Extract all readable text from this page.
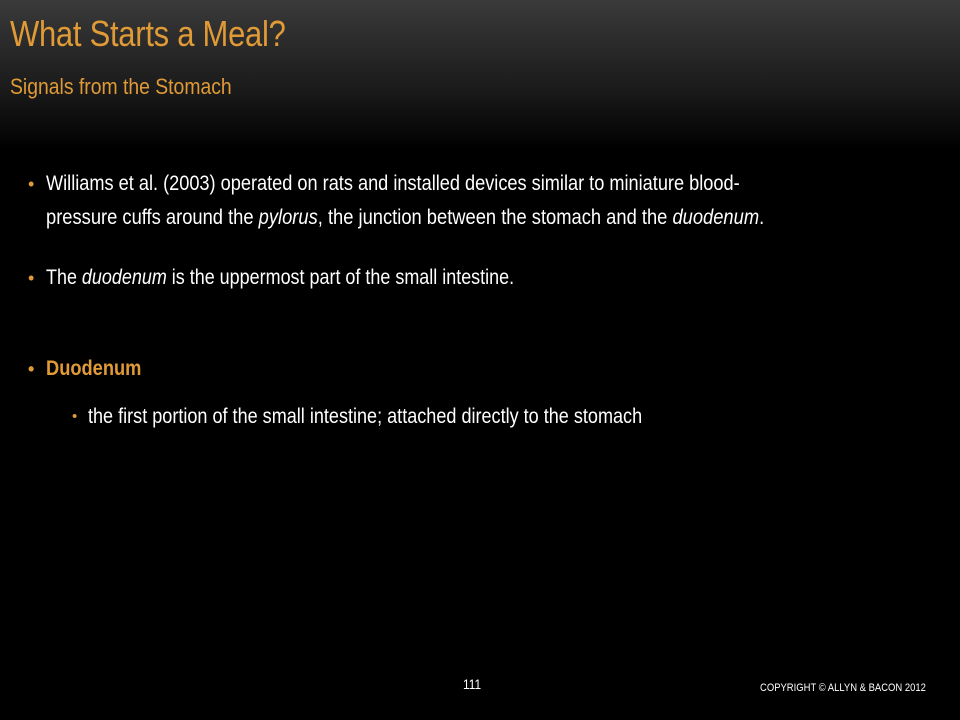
What Starts a Meal?
Signals from the Stomach
• Williams et al. (2003) operated on rats and installed devices similar to miniature blood-
pressure cuffs around the pylorus, the junction between the stomach and the duodenum.
• The duodenum is the uppermost part of the small intestine.
• Duodenum
• the first portion of the small intestine; attached directly to the stomach
111	COPYRIGHT © ALLYN & BACON 2012
